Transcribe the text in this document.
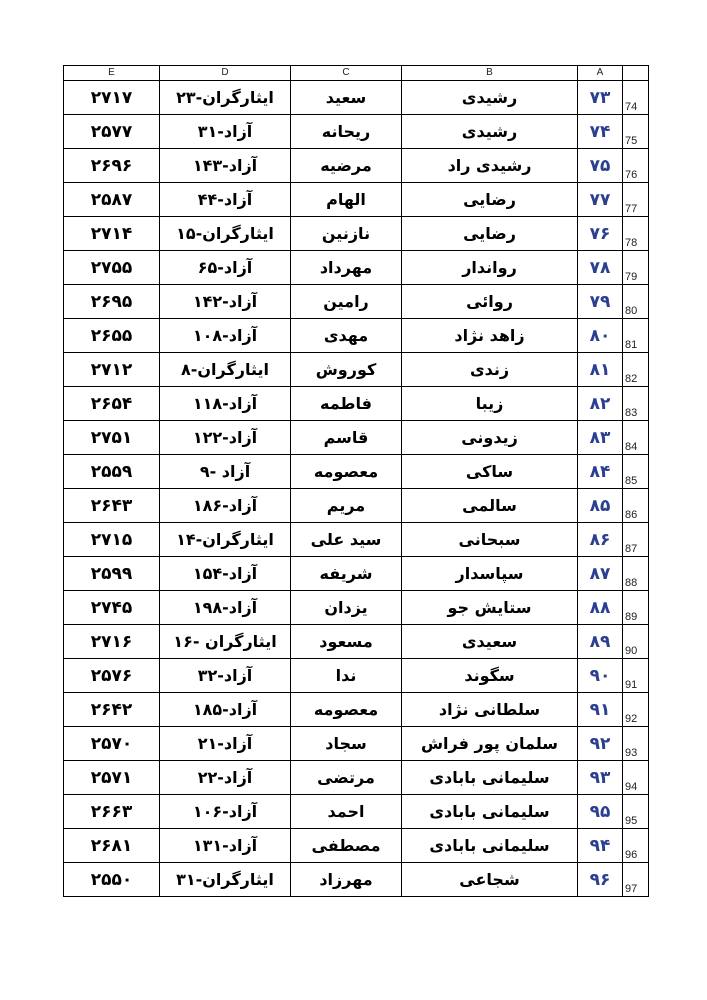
E	D	C	B	A	
۲۷۱۷	ایثارگران-۲۳	سعید	رشیدی	۷۳	74
۲۵۷۷	آزاد-۳۱	ریحانه	رشیدی	۷۴	75
۲۶۹۶	آزاد-۱۴۳	مرضیه	رشیدی راد	۷۵	76
۲۵۸۷	آزاد-۴۴	الهام	رضایی	۷۷	77
۲۷۱۴	ایثارگران-۱۵	نازنین	رضایی	۷۶	78
۲۷۵۵	آزاد-۶۵	مهرداد	رواندار	۷۸	79
۲۶۹۵	آزاد-۱۴۲	رامین	روائی	۷۹	80
۲۶۵۵	آزاد-۱۰۸	مهدی	زاهد نژاد	۸۰	81
۲۷۱۲	ایثارگران-۸	کوروش	زندی	۸۱	82
۲۶۵۴	آزاد-۱۱۸	فاطمه	زیبا	۸۲	83
۲۷۵۱	آزاد-۱۲۲	قاسم	زیدونی	۸۳	84
۲۵۵۹	آزاد -۹	معصومه	ساکی	۸۴	85
۲۶۴۳	آزاد-۱۸۶	مریم	سالمی	۸۵	86
۲۷۱۵	ایثارگران-۱۴	سید علی	سبحانی	۸۶	87
۲۵۹۹	آزاد-۱۵۴	شریفه	سپاسدار	۸۷	88
۲۷۴۵	آزاد-۱۹۸	یزدان	ستایش جو	۸۸	89
۲۷۱۶	ایثارگران -۱۶	مسعود	سعیدی	۸۹	90
۲۵۷۶	آزاد-۳۲	ندا	سگوند	۹۰	91
۲۶۴۲	آزاد-۱۸۵	معصومه	سلطانی نژاد	۹۱	92
۲۵۷۰	آزاد-۲۱	سجاد	سلمان پور فراش	۹۲	93
۲۵۷۱	آزاد-۲۲	مرتضی	سلیمانی بابادی	۹۳	94
۲۶۶۳	آزاد-۱۰۶	احمد	سلیمانی بابادی	۹۵	95
۲۶۸۱	آزاد-۱۳۱	مصطفی	سلیمانی بابادی	۹۴	96
۲۵۵۰	ایثارگران-۳۱	مهرزاد	شجاعی	۹۶	97
